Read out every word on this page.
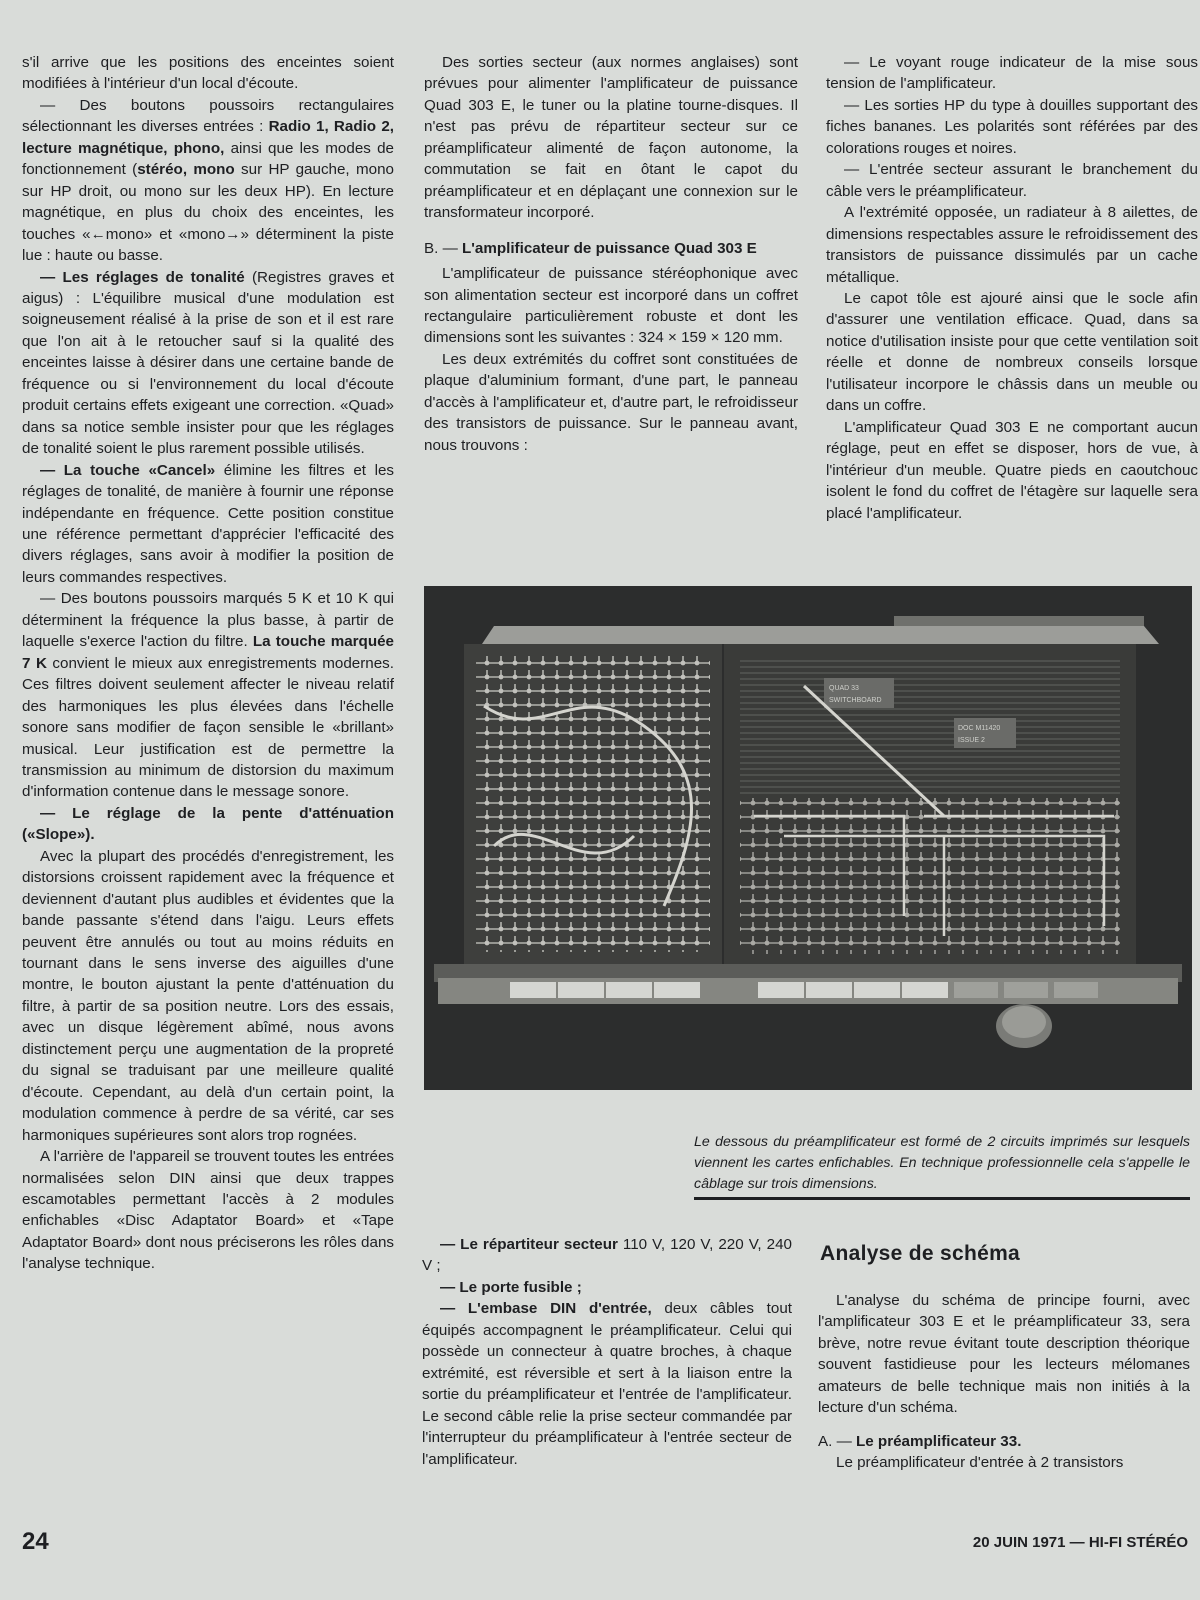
s'il arrive que les positions des enceintes soient modifiées à l'intérieur d'un local d'écoute.

— Des boutons poussoirs rectangulaires sélectionnant les diverses entrées : Radio 1, Radio 2, lecture magnétique, phono, ainsi que les modes de fonctionnement (stéréo, mono sur HP gauche, mono sur HP droit, ou mono sur les deux HP). En lecture magnétique, en plus du choix des enceintes, les touches «←mono» et «mono→» déterminent la piste lue : haute ou basse.

— Les réglages de tonalité (Registres graves et aigus) : L'équilibre musical d'une modulation est soigneusement réalisé à la prise de son et il est rare que l'on ait à le retoucher sauf si la qualité des enceintes laisse à désirer dans une certaine bande de fréquence ou si l'environnement du local d'écoute produit certains effets exigeant une correction. «Quad» dans sa notice semble insister pour que les réglages de tonalité soient le plus rarement possible utilisés.

— La touche «Cancel» élimine les filtres et les réglages de tonalité, de manière à fournir une réponse indépendante en fréquence. Cette position constitue une référence permettant d'apprécier l'efficacité des divers réglages, sans avoir à modifier la position de leurs commandes respectives.

— Des boutons poussoirs marqués 5 K et 10 K qui déterminent la fréquence la plus basse, à partir de laquelle s'exerce l'action du filtre. La touche marquée 7 K convient le mieux aux enregistrements modernes. Ces filtres doivent seulement affecter le niveau relatif des harmoniques les plus élevées dans l'échelle sonore sans modifier de façon sensible le «brillant» musical. Leur justification est de permettre la transmission au minimum de distorsion du maximum d'information contenue dans le message sonore.

— Le réglage de la pente d'atténuation («Slope»).

Avec la plupart des procédés d'enregistrement, les distorsions croissent rapidement avec la fréquence et deviennent d'autant plus audibles et évidentes que la bande passante s'étend dans l'aigu. Leurs effets peuvent être annulés ou tout au moins réduits en tournant dans le sens inverse des aiguilles d'une montre, le bouton ajustant la pente d'atténuation du filtre, à partir de sa position neutre. Lors des essais, avec un disque légèrement abîmé, nous avons distinctement perçu une augmentation de la propreté du signal se traduisant par une meilleure qualité d'écoute. Cependant, au delà d'un certain point, la modulation commence à perdre de sa vérité, car ses harmoniques supérieures sont alors trop rognées.

A l'arrière de l'appareil se trouvent toutes les entrées normalisées selon DIN ainsi que deux trappes escamotables permettant l'accès à 2 modules enfichables «Disc Adaptator Board» et «Tape Adaptator Board» dont nous préciserons les rôles dans l'analyse technique.

Des sorties secteur (aux normes anglaises) sont prévues pour alimenter l'amplificateur de puissance Quad 303 E, le tuner ou la platine tourne-disques. Il n'est pas prévu de répartiteur secteur sur ce préamplificateur alimenté de façon autonome, la commutation se fait en ôtant le capot du préamplificateur et en déplaçant une connexion sur le transformateur incorporé.

B. — L'amplificateur de puissance Quad 303 E

L'amplificateur de puissance stéréophonique avec son alimentation secteur est incorporé dans un coffret rectangulaire particulièrement robuste et dont les dimensions sont les suivantes : 324 × 159 × 120 mm.

Les deux extrémités du coffret sont constituées de plaque d'aluminium formant, d'une part, le panneau d'accès à l'amplificateur et, d'autre part, le refroidisseur des transistors de puissance. Sur le panneau avant, nous trouvons :

— Le voyant rouge indicateur de la mise sous tension de l'amplificateur.

— Les sorties HP du type à douilles supportant des fiches bananes. Les polarités sont référées par des colorations rouges et noires.

— L'entrée secteur assurant le branchement du câble vers le préamplificateur.

A l'extrémité opposée, un radiateur à 8 ailettes, de dimensions respectables assure le refroidissement des transistors de puissance dissimulés par un cache métallique.

Le capot tôle est ajouré ainsi que le socle afin d'assurer une ventilation efficace. Quad, dans sa notice d'utilisation insiste pour que cette ventilation soit réelle et donne de nombreux conseils lorsque l'utilisateur incorpore le châssis dans un meuble ou dans un coffre.

L'amplificateur Quad 303 E ne comportant aucun réglage, peut en effet se disposer, hors de vue, à l'intérieur d'un meuble. Quatre pieds en caoutchouc isolent le fond du coffret de l'étagère sur laquelle sera placé l'amplificateur.

QUAD 33
SWITCHBOARD
DOC M11420
ISSUE 2

Le dessous du préamplificateur est formé de 2 circuits imprimés sur lesquels viennent les cartes enfichables. En technique professionnelle cela s'appelle le câblage sur trois dimensions.

— Le répartiteur secteur 110 V, 120 V, 220 V, 240 V ;

— Le porte fusible ;

— L'embase DIN d'entrée, deux câbles tout équipés accompagnent le préamplificateur. Celui qui possède un connecteur à quatre broches, à chaque extrémité, est réversible et sert à la liaison entre la sortie du préamplificateur et l'entrée de l'amplificateur. Le second câble relie la prise secteur commandée par l'interrupteur du préamplificateur à l'entrée secteur de l'amplificateur.

Analyse de schéma

L'analyse du schéma de principe fourni, avec l'amplificateur 303 E et le préamplificateur 33, sera brève, notre revue évitant toute description théorique souvent fastidieuse pour les lecteurs mélomanes amateurs de belle technique mais non initiés à la lecture d'un schéma.

A. — Le préamplificateur 33.

Le préamplificateur d'entrée à 2 transistors

24	20 JUIN 1971 — HI-FI STÉRÉO
